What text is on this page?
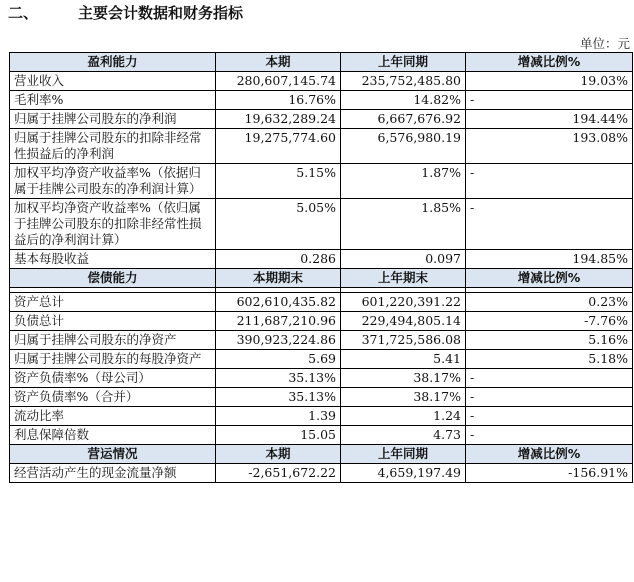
二、	主要会计数据和财务指标
单位：元
盈利能力	本期	上年同期	增减比例%
营业收入	280,607,145.74	235,752,485.80	19.03%
毛利率%	16.76%	14.82%	-
归属于挂牌公司股东的净利润	19,632,289.24	6,667,676.92	194.44%
归属于挂牌公司股东的扣除非经常性损益后的净利润	19,275,774.60	6,576,980.19	193.08%
加权平均净资产收益率%（依据归属于挂牌公司股东的净利润计算）	5.15%	1.87%	-
加权平均净资产收益率%（依归属于挂牌公司股东的扣除非经常性损益后的净利润计算）	5.05%	1.85%	-
基本每股收益	0.286	0.097	194.85%
偿债能力	本期期末	上年期末	增减比例%

资产总计	602,610,435.82	601,220,391.22	0.23%
负债总计	211,687,210.96	229,494,805.14	-7.76%
归属于挂牌公司股东的净资产	390,923,224.86	371,725,586.08	5.16%
归属于挂牌公司股东的每股净资产	5.69	5.41	5.18%
资产负债率%（母公司）	35.13%	38.17%	-
资产负债率%（合并）	35.13%	38.17%	-
流动比率	1.39	1.24	-
利息保障倍数	15.05	4.73	-
营运情况	本期	上年同期	增减比例%
经营活动产生的现金流量净额	-2,651,672.22	4,659,197.49	-156.91%
